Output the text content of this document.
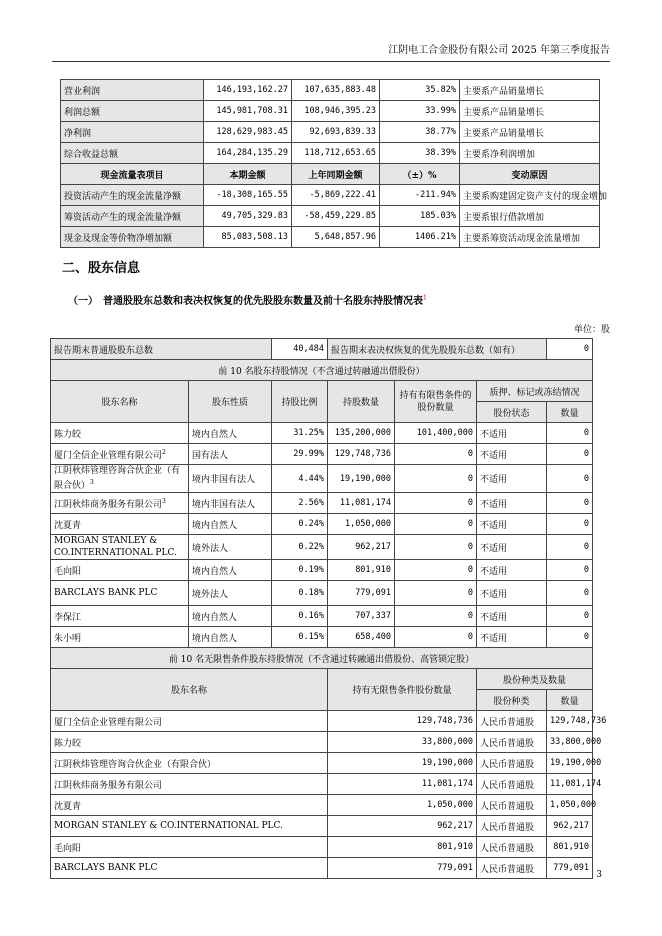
江阴电工合金股份有限公司 2025 年第三季度报告
营业利润	146,193,162.27	107,635,883.48	35.82%	主要系产品销量增长
利润总额	145,981,708.31	108,946,395.23	33.99%	主要系产品销量增长
净利润	128,629,983.45	92,693,839.33	38.77%	主要系产品销量增长
综合收益总额	164,284,135.29	118,712,653.65	38.39%	主要系净利润增加
现金流量表项目	本期金额	上年同期金额	（±）%	变动原因
投资活动产生的现金流量净额	-18,308,165.55	-5,869,222.41	-211.94%	主要系购建固定资产支付的现金增加
筹资活动产生的现金流量净额	49,705,329.83	-58,459,229.85	185.03%	主要系银行借款增加
现金及现金等价物净增加额	85,083,508.13	5,648,857.96	1406.21%	主要系筹资活动现金流量增加
二、股东信息
（一）　普通股股东总数和表决权恢复的优先股股东数量及前十名股东持股情况表$^1$
单位：股
报告期末普通股股东总数		40,484	报告期末表决权恢复的优先股股东总数（如有）			0
前 10 名股东持股情况（不含通过转融通出借股份）						
股东名称	股东性质	持股比例	持股数量	持有有限售条件的股份数量	质押、标记或冻结情况	
					股份状态	数量
陈力皎	境内自然人	31.25%	135,200,000	101,400,000	不适用	0
厦门全信企业管理有限公司$^2$	国有法人	29.99%	129,748,736	0	不适用	0
江阴秋炜管理咨询合伙企业（有限合伙）$^3$	境内非国有法人	4.44%	19,190,000	0	不适用	0
江阴秋炜商务服务有限公司$^3$	境内非国有法人	2.56%	11,081,174	0	不适用	0
沈夏青	境内自然人	0.24%	1,050,000	0	不适用	0
MORGAN STANLEY & CO.INTERNATIONAL PLC.	境外法人	0.22%	962,217	0	不适用	0
毛向阳	境内自然人	0.19%	801,910	0	不适用	0
BARCLAYS BANK PLC	境外法人	0.18%	779,091	0	不适用	0
李保江	境内自然人	0.16%	707,337	0	不适用	0
朱小明	境内自然人	0.15%	658,400	0	不适用	0
前 10 名无限售条件股东持股情况（不含通过转融通出借股份、高管锁定股）						
股东名称			持有无限售条件股份数量		股份种类及数量	
					股份种类	数量
厦门全信企业管理有限公司			129,748,736		人民币普通股	129,748,736
陈力皎			33,800,000		人民币普通股	33,800,000
江阴秋炜管理咨询合伙企业（有限合伙）			19,190,000		人民币普通股	19,190,000
江阴秋炜商务服务有限公司			11,081,174		人民币普通股	11,081,174
沈夏青			1,050,000		人民币普通股	1,050,000
MORGAN STANLEY & CO.INTERNATIONAL PLC.			962,217		人民币普通股	962,217
毛向阳			801,910		人民币普通股	801,910
BARCLAYS BANK PLC			779,091		人民币普通股	779,091
3
